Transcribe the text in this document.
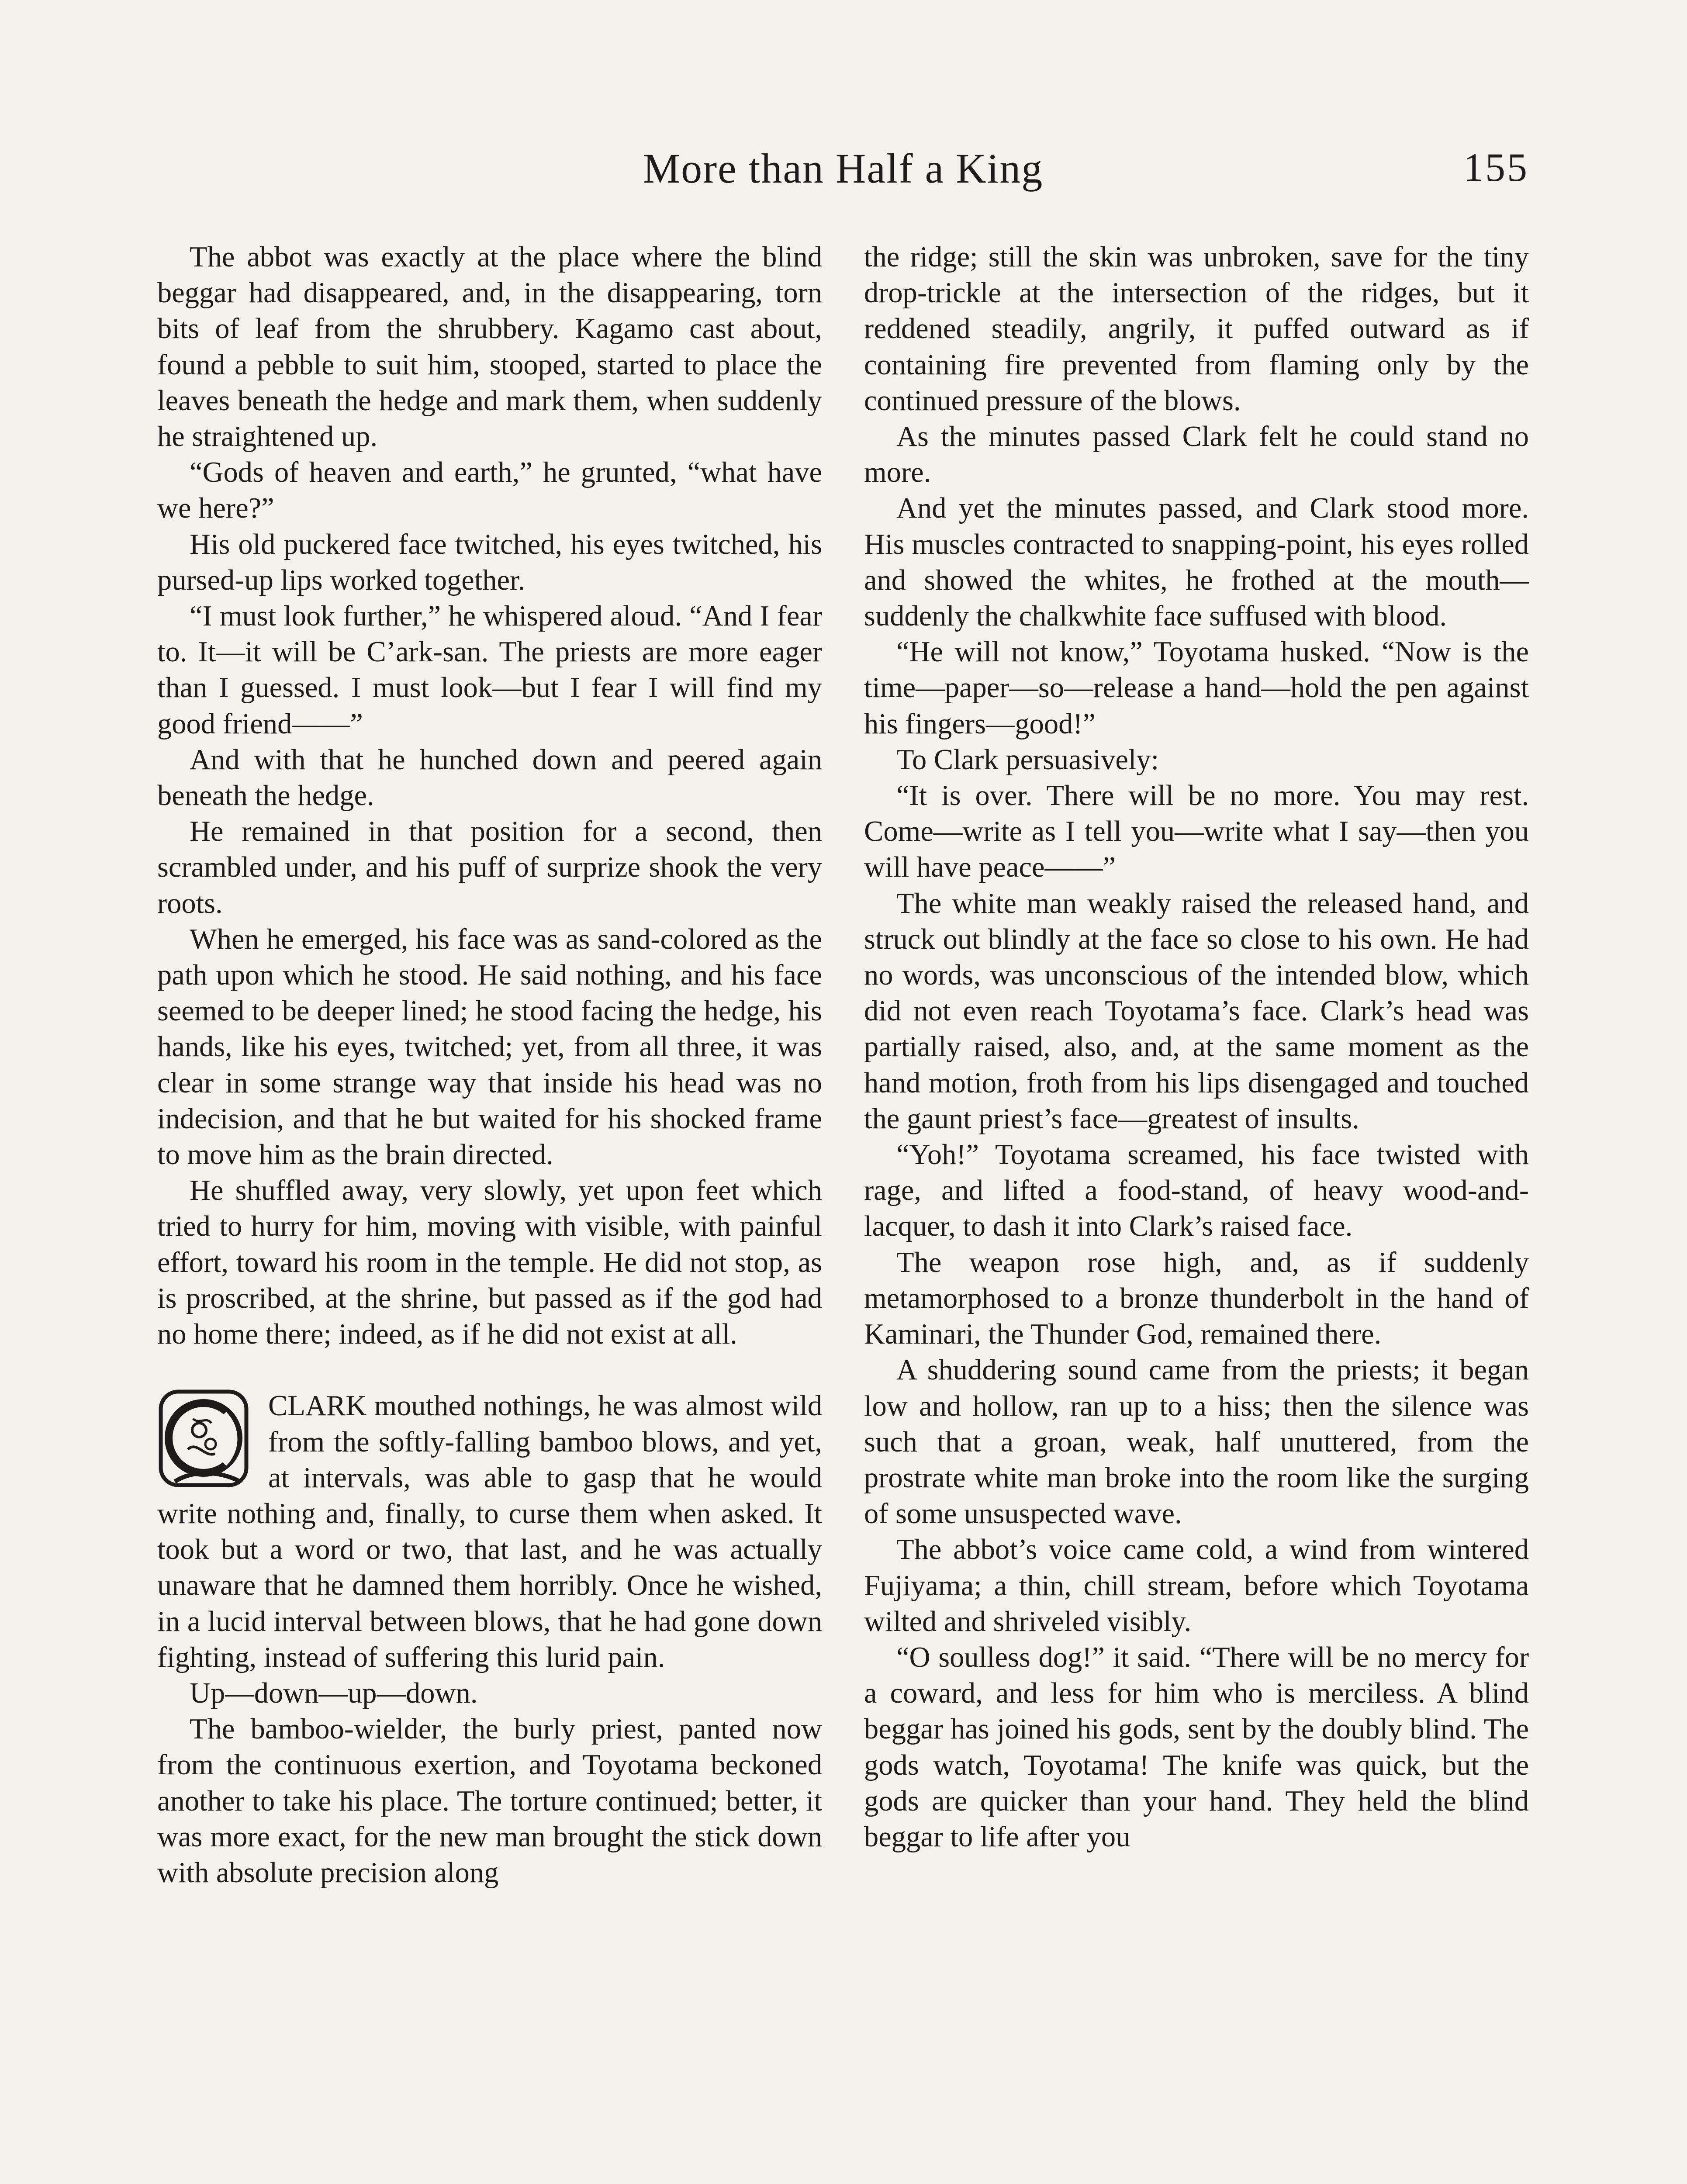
More than Half a King	155

The abbot was exactly at the place where the blind beggar had disappeared, and, in the disappearing, torn bits of leaf from the shrubbery. Kagamo cast about, found a pebble to suit him, stooped, started to place the leaves beneath the hedge and mark them, when suddenly he straightened up.

“Gods of heaven and earth,” he grunted, “what have we here?”

His old puckered face twitched, his eyes twitched, his pursed-up lips worked together.

“I must look further,” he whispered aloud. “And I fear to. It—it will be C’ark-san. The priests are more eager than I guessed. I must look—but I fear I will find my good friend——”

And with that he hunched down and peered again beneath the hedge.

He remained in that position for a second, then scrambled under, and his puff of surprize shook the very roots.

When he emerged, his face was as sand-colored as the path upon which he stood. He said nothing, and his face seemed to be deeper lined; he stood facing the hedge, his hands, like his eyes, twitched; yet, from all three, it was clear in some strange way that inside his head was no indecision, and that he but waited for his shocked frame to move him as the brain directed.

He shuffled away, very slowly, yet upon feet which tried to hurry for him, moving with visible, with painful effort, toward his room in the temple. He did not stop, as is proscribed, at the shrine, but passed as if the god had no home there; indeed, as if he did not exist at all.

CLARK mouthed nothings, he was almost wild from the softly-falling bamboo blows, and yet, at intervals, was able to gasp that he would write nothing and, finally, to curse them when asked. It took but a word or two, that last, and he was actually unaware that he damned them horribly. Once he wished, in a lucid interval between blows, that he had gone down fighting, instead of suffering this lurid pain.

Up—down—up—down.

The bamboo-wielder, the burly priest, panted now from the continuous exertion, and Toyotama beckoned another to take his place. The torture continued; better, it was more exact, for the new man brought the stick down with absolute precision along

the ridge; still the skin was unbroken, save for the tiny drop-trickle at the intersection of the ridges, but it reddened steadily, angrily, it puffed outward as if containing fire prevented from flaming only by the continued pressure of the blows.

As the minutes passed Clark felt he could stand no more.

And yet the minutes passed, and Clark stood more. His muscles contracted to snapping-point, his eyes rolled and showed the whites, he frothed at the mouth—suddenly the chalkwhite face suffused with blood.

“He will not know,” Toyotama husked. “Now is the time—paper—so—release a hand—hold the pen against his fingers—good!”

To Clark persuasively:

“It is over. There will be no more. You may rest. Come—write as I tell you—write what I say—then you will have peace——”

The white man weakly raised the released hand, and struck out blindly at the face so close to his own. He had no words, was unconscious of the intended blow, which did not even reach Toyotama’s face. Clark’s head was partially raised, also, and, at the same moment as the hand motion, froth from his lips disengaged and touched the gaunt priest’s face—greatest of insults.

“Yoh!” Toyotama screamed, his face twisted with rage, and lifted a food-stand, of heavy wood-and-lacquer, to dash it into Clark’s raised face.

The weapon rose high, and, as if suddenly metamorphosed to a bronze thunderbolt in the hand of Kaminari, the Thunder God, remained there.

A shuddering sound came from the priests; it began low and hollow, ran up to a hiss; then the silence was such that a groan, weak, half unuttered, from the prostrate white man broke into the room like the surging of some unsuspected wave.

The abbot’s voice came cold, a wind from wintered Fujiyama; a thin, chill stream, before which Toyotama wilted and shriveled visibly.

“O soulless dog!” it said. “There will be no mercy for a coward, and less for him who is merciless. A blind beggar has joined his gods, sent by the doubly blind. The gods watch, Toyotama! The knife was quick, but the gods are quicker than your hand. They held the blind beggar to life after you
